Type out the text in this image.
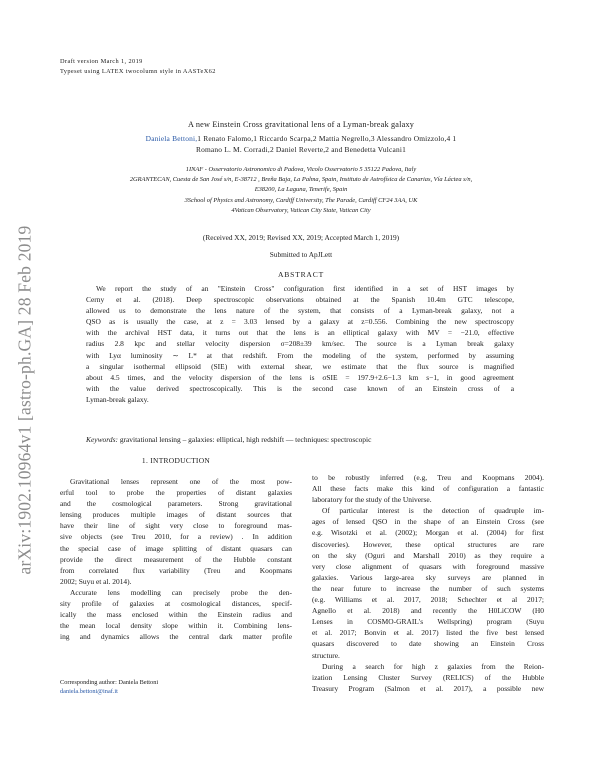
arXiv:1902.10964v1 [astro-ph.GA] 28 Feb 2019
Draft version March 1, 2019
Typeset using LATEX twocolumn style in AASTeX62
A new Einstein Cross gravitational lens of a Lyman-break galaxy
Daniela Bettoni,1 Renato Falomo,1 Riccardo Scarpa,2 Mattia Negrello,3 Alessandro Omizzolo,4 1
Romano L. M. Corradi,2 Daniel Reverte,2 and Benedetta Vulcani1
1INAF - Osservatorio Astronomico di Padova, Vicolo Osservatorio 5 35122 Padova, Italy
2GRANTECAN, Cuesta de San José s/n, E-38712 , Breña Baja, La Palma, Spain, Instituto de Astrofísica de Canarias, Vía Láctea s/n,
E38200, La Laguna, Tenerife, Spain
3School of Physics and Astronomy, Cardiff University, The Parade, Cardiff CF24 3AA, UK
4Vatican Observatory, Vatican City State, Vatican City
(Received XX, 2019; Revised XX, 2019; Accepted March 1, 2019)
Submitted to ApJLett
ABSTRACT
We report the study of an "Einstein Cross" configuration first identified in a set of HST images by
Cerny et al. (2018). Deep spectroscopic observations obtained at the Spanish 10.4m GTC telescope,
allowed us to demonstrate the lens nature of the system, that consists of a Lyman-break galaxy, not a
QSO as is usually the case, at z = 3.03 lensed by a galaxy at z=0.556. Combining the new spectroscopy
with the archival HST data, it turns out that the lens is an elliptical galaxy with MV = −21.0, effective
radius 2.8 kpc and stellar velocity dispersion σ=208±39 km/sec. The source is a Lyman break galaxy
with Lyα luminosity ∼ L* at that redshift. From the modeling of the system, performed by assuming
a singular isothermal ellipsoid (SIE) with external shear, we estimate that the flux source is magnified
about 4.5 times, and the velocity dispersion of the lens is σSIE = 197.9+2.6−1.3 km s−1, in good agreement
with the value derived spectroscopically. This is the second case known of an Einstein cross of a
Lyman-break galaxy.
Keywords: gravitational lensing – galaxies: elliptical, high redshift — techniques: spectroscopic
1. INTRODUCTION
Gravitational lenses represent one of the most pow-
erful tool to probe the properties of distant galaxies
and the cosmological parameters. Strong gravitational
lensing produces multiple images of distant sources that
have their line of sight very close to foreground mas-
sive objects (see Treu 2010, for a review) . In addition
the special case of image splitting of distant quasars can
provide the direct measurement of the Hubble constant
from correlated flux variability (Treu and Koopmans
2002; Suyu et al. 2014).
Accurate lens modelling can precisely probe the den-
sity profile of galaxies at cosmological distances, specif-
ically the mass enclosed within the Einstein radius and
the mean local density slope within it. Combining lens-
ing and dynamics allows the central dark matter profile
to be robustly inferred (e.g, Treu and Koopmans 2004).
All these facts make this kind of configuration a fantastic
laboratory for the study of the Universe.
Of particular interest is the detection of quadruple im-
ages of lensed QSO in the shape of an Einstein Cross (see
e.g. Wisotzki et al. (2002); Morgan et al. (2004) for first
discoveries). However, these optical structures are rare
on the sky (Oguri and Marshall 2010) as they require a
very close alignment of quasars with foreground massive
galaxies. Various large-area sky surveys are planned in
the near future to increase the number of such systems
(e.g. Williams et al. 2017, 2018; Schechter et al 2017;
Agnello et al. 2018) and recently the H0LiCOW (H0
Lenses in COSMO-GRAIL's Wellspring) program (Suyu
et al. 2017; Bonvin et al. 2017) listed the five best lensed
quasars discovered to date showing an Einstein Cross
structure.
During a search for high z galaxies from the Reion-
ization Lensing Cluster Survey (RELICS) of the Hubble
Treasury Program (Salmon et al. 2017), a possible new
Corresponding author: Daniela Bettoni
daniela.bettoni@inaf.it
